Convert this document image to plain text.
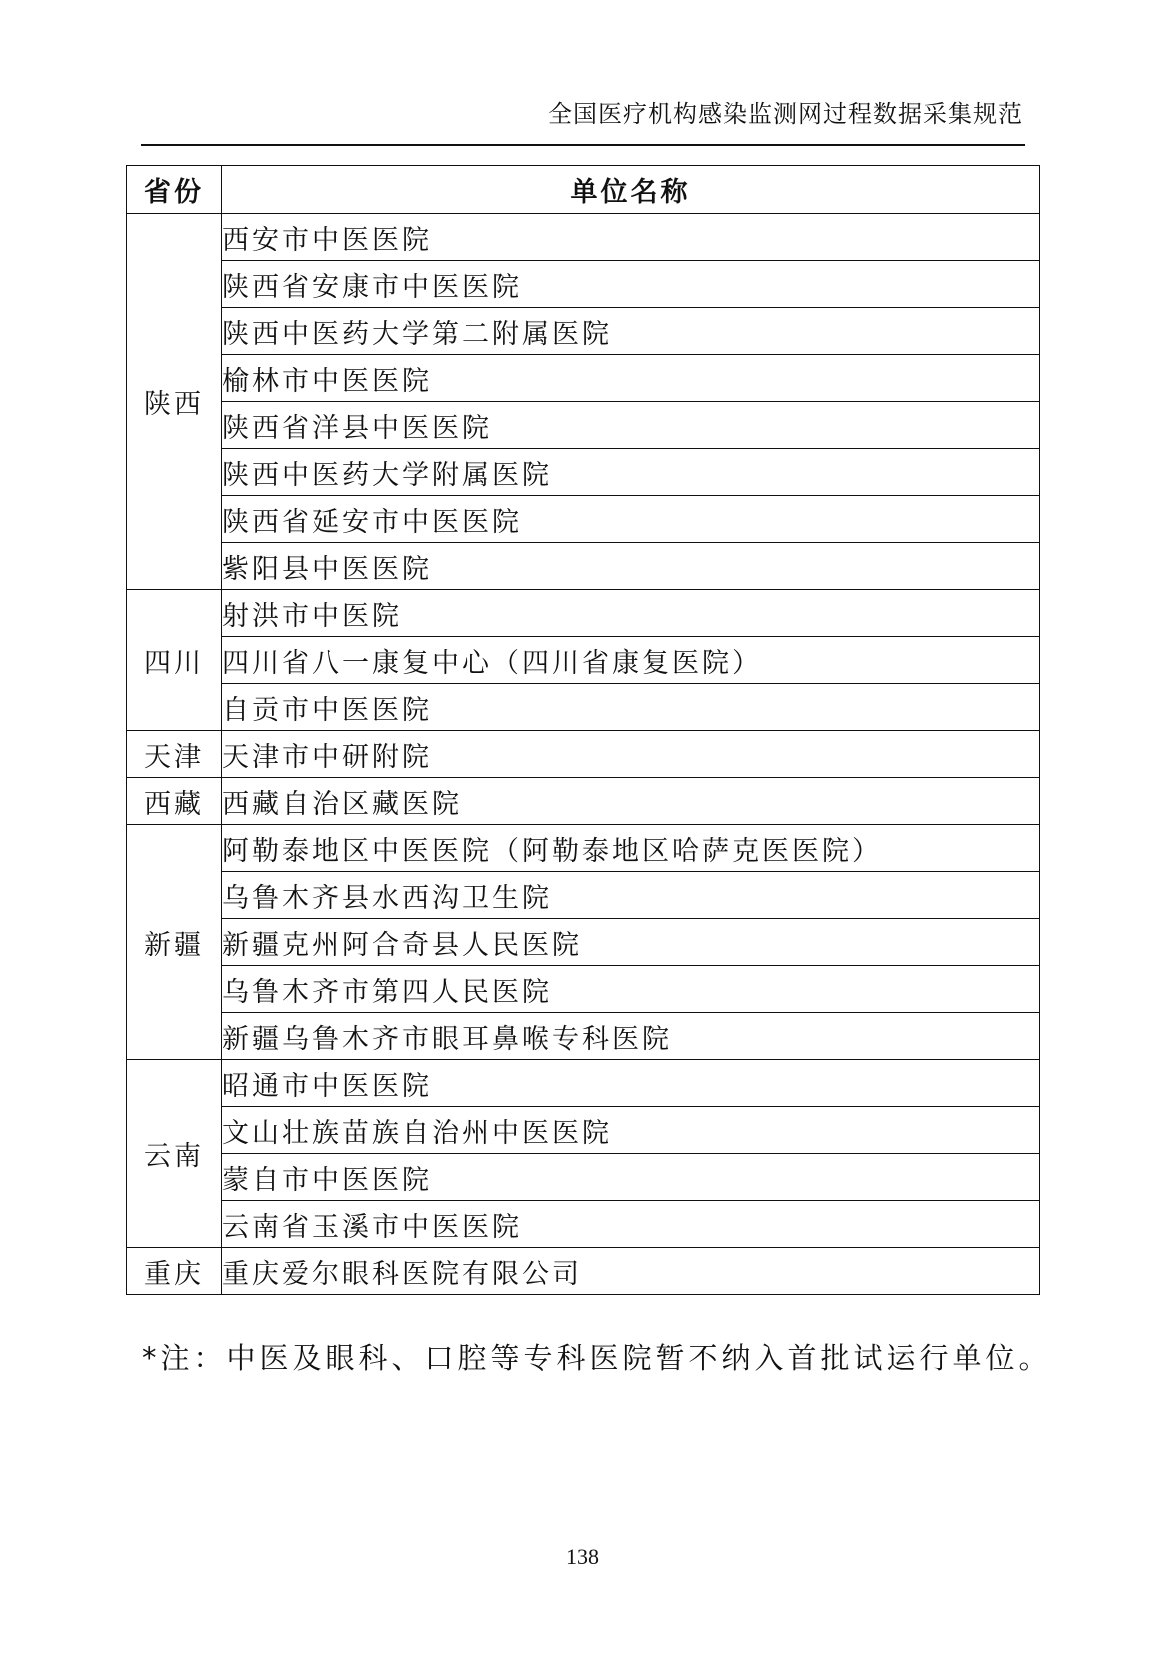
全国医疗机构感染监测网过程数据采集规范
省份	单位名称
陕西	西安市中医医院
	陕西省安康市中医医院
	陕西中医药大学第二附属医院
	榆林市中医医院
	陕西省洋县中医医院
	陕西中医药大学附属医院
	陕西省延安市中医医院
	紫阳县中医医院
四川	射洪市中医院
	四川省八一康复中心（四川省康复医院）
	自贡市中医医院
天津	天津市中研附院
西藏	西藏自治区藏医院
新疆	阿勒泰地区中医医院（阿勒泰地区哈萨克医医院）
	乌鲁木齐县水西沟卫生院
	新疆克州阿合奇县人民医院
	乌鲁木齐市第四人民医院
	新疆乌鲁木齐市眼耳鼻喉专科医院
云南	昭通市中医医院
	文山壮族苗族自治州中医医院
	蒙自市中医医院
	云南省玉溪市中医医院
重庆	重庆爱尔眼科医院有限公司
*注：中医及眼科、口腔等专科医院暂不纳入首批试运行单位。
138
